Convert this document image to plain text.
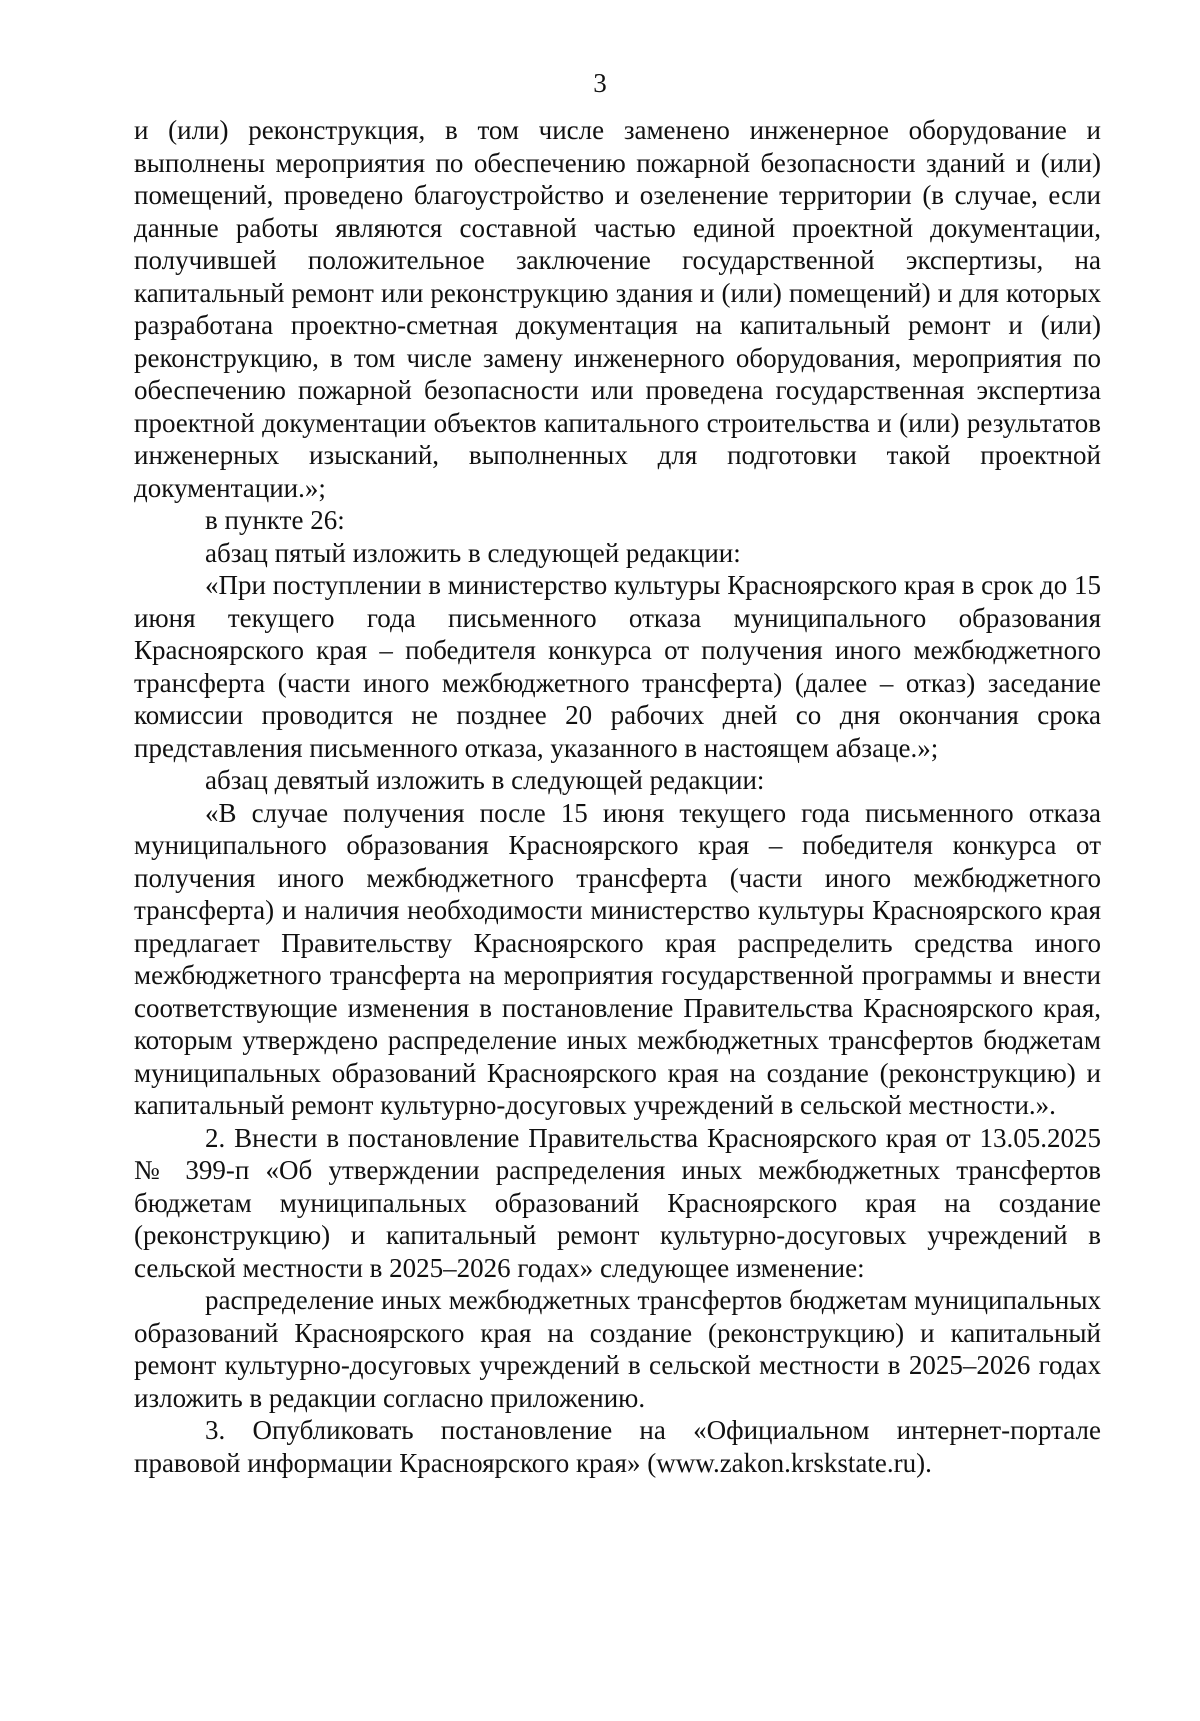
3

и (или) реконструкция, в том числе заменено инженерное оборудование и выполнены мероприятия по обеспечению пожарной безопасности зданий и (или) помещений, проведено благоустройство и озеленение территории (в случае, если данные работы являются составной частью единой проектной документации, получившей положительное заключение государственной экспертизы, на капитальный ремонт или реконструкцию здания и (или) помещений) и для которых разработана проектно-сметная документация на капитальный ремонт и (или) реконструкцию, в том числе замену инженерного оборудования, мероприятия по обеспечению пожарной безопасности или проведена государственная экспертиза проектной документации объектов капитального строительства и (или) результатов инженерных изысканий, выполненных для подготовки такой проектной документации.»;

в пункте 26:

абзац пятый изложить в следующей редакции:

«При поступлении в министерство культуры Красноярского края в срок до 15 июня текущего года письменного отказа муниципального образования Красноярского края – победителя конкурса от получения иного межбюджетного трансферта (части иного межбюджетного трансферта) (далее – отказ) заседание комиссии проводится не позднее 20 рабочих дней со дня окончания срока представления письменного отказа, указанного в настоящем абзаце.»;

абзац девятый изложить в следующей редакции:

«В случае получения после 15 июня текущего года письменного отказа муниципального образования Красноярского края – победителя конкурса от получения иного межбюджетного трансферта (части иного межбюджетного трансферта) и наличия необходимости министерство культуры Красноярского края предлагает Правительству Красноярского края распределить средства иного межбюджетного трансферта на мероприятия государственной программы и внести соответствующие изменения в постановление Правительства Красноярского края, которым утверждено распределение иных межбюджетных трансфертов бюджетам муниципальных образований Красноярского края на создание (реконструкцию) и капитальный ремонт культурно-досуговых учреждений в сельской местности.».

2. Внести в постановление Правительства Красноярского края от 13.05.2025 № 399-п «Об утверждении распределения иных межбюджетных трансфертов бюджетам муниципальных образований Красноярского края на создание (реконструкцию) и капитальный ремонт культурно-досуговых учреждений в сельской местности в 2025–2026 годах» следующее изменение:

распределение иных межбюджетных трансфертов бюджетам муниципальных образований Красноярского края на создание (реконструкцию) и капитальный ремонт культурно-досуговых учреждений в сельской местности в 2025–2026 годах изложить в редакции согласно приложению.

3. Опубликовать постановление на «Официальном интернет-портале правовой информации Красноярского края» (www.zakon.krskstate.ru).
